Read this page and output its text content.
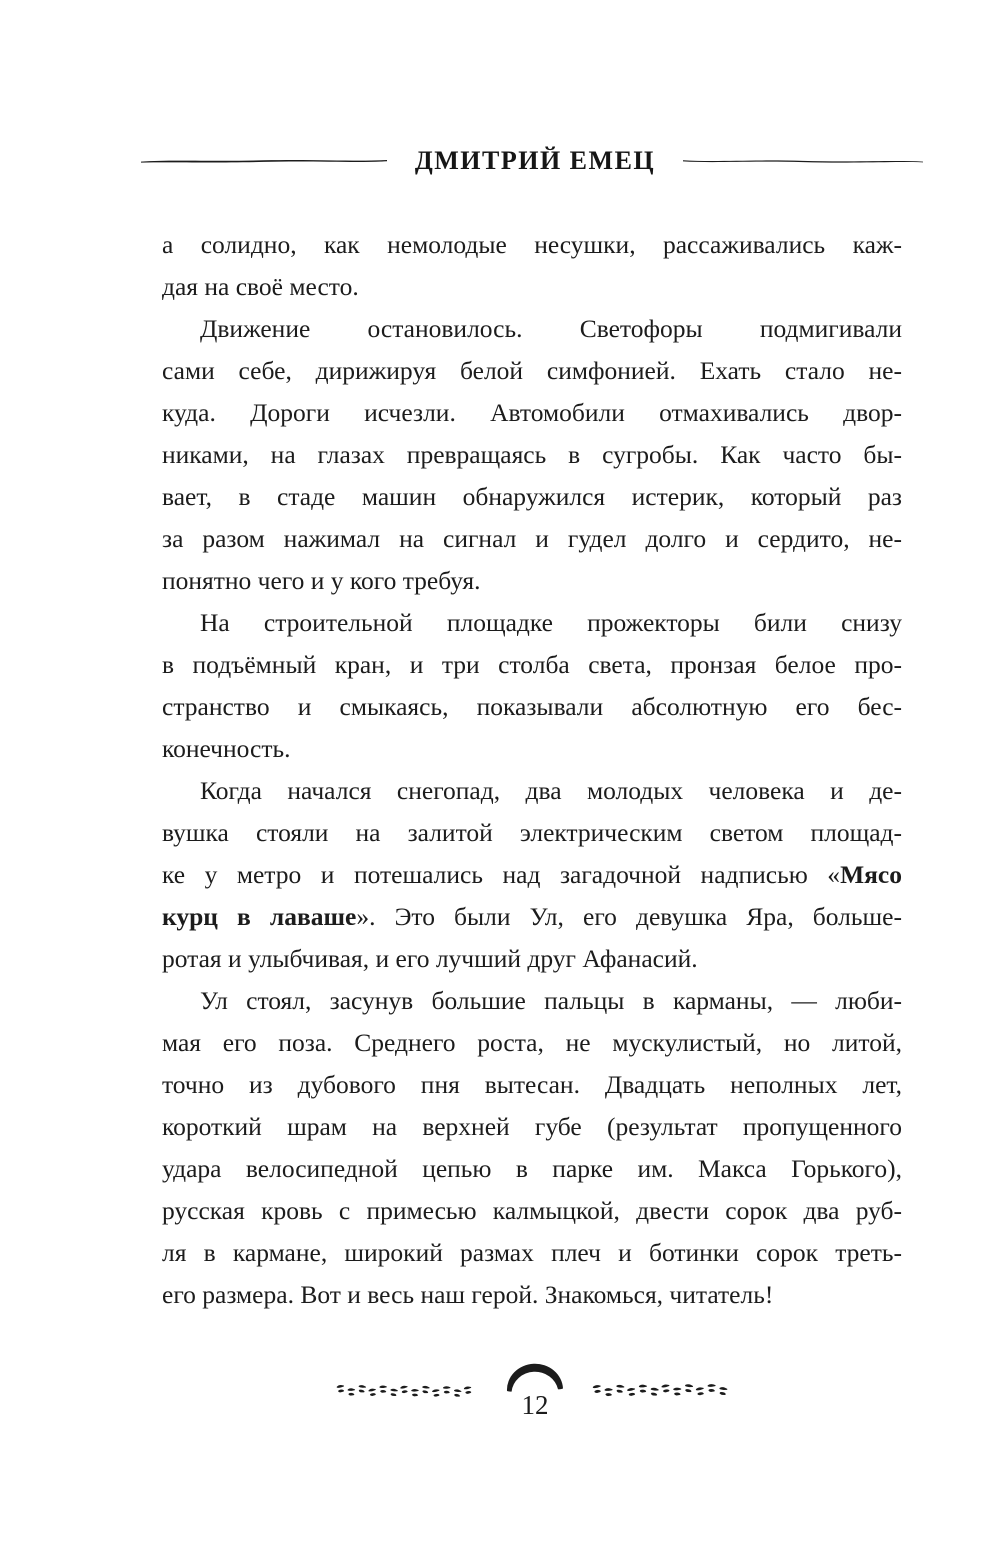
ДМИТРИЙ ЕМЕЦ
а солидно, как немолодые несушки, рассаживались каж-
дая на своё место.
Движение остановилось. Светофоры подмигивали
сами себе, дирижируя белой симфонией. Ехать стало не-
куда. Дороги исчезли. Автомобили отмахивались двор-
никами, на глазах превращаясь в сугробы. Как часто бы-
вает, в стаде машин обнаружился истерик, который раз
за разом нажимал на сигнал и гудел долго и сердито, не-
понятно чего и у кого требуя.
На строительной площадке прожекторы били снизу
в подъёмный кран, и три столба света, пронзая белое про-
странство и смыкаясь, показывали абсолютную его бес-
конечность.
Когда начался снегопад, два молодых человека и де-
вушка стояли на залитой электрическим светом площад-
ке у метро и потешались над загадочной надписью «Мясо
курц в лаваше». Это были Ул, его девушка Яра, больше-
ротая и улыбчивая, и его лучший друг Афанасий.
Ул стоял, засунув большие пальцы в карманы, — люби-
мая его поза. Среднего роста, не мускулистый, но литой,
точно из дубового пня вытесан. Двадцать неполных лет,
короткий шрам на верхней губе (результат пропущенного
удара велосипедной цепью в парке им. Макса Горького),
русская кровь с примесью калмыцкой, двести сорок два руб-
ля в кармане, широкий размах плеч и ботинки сорок треть-
его размера. Вот и весь наш герой. Знакомься, читатель!
12
